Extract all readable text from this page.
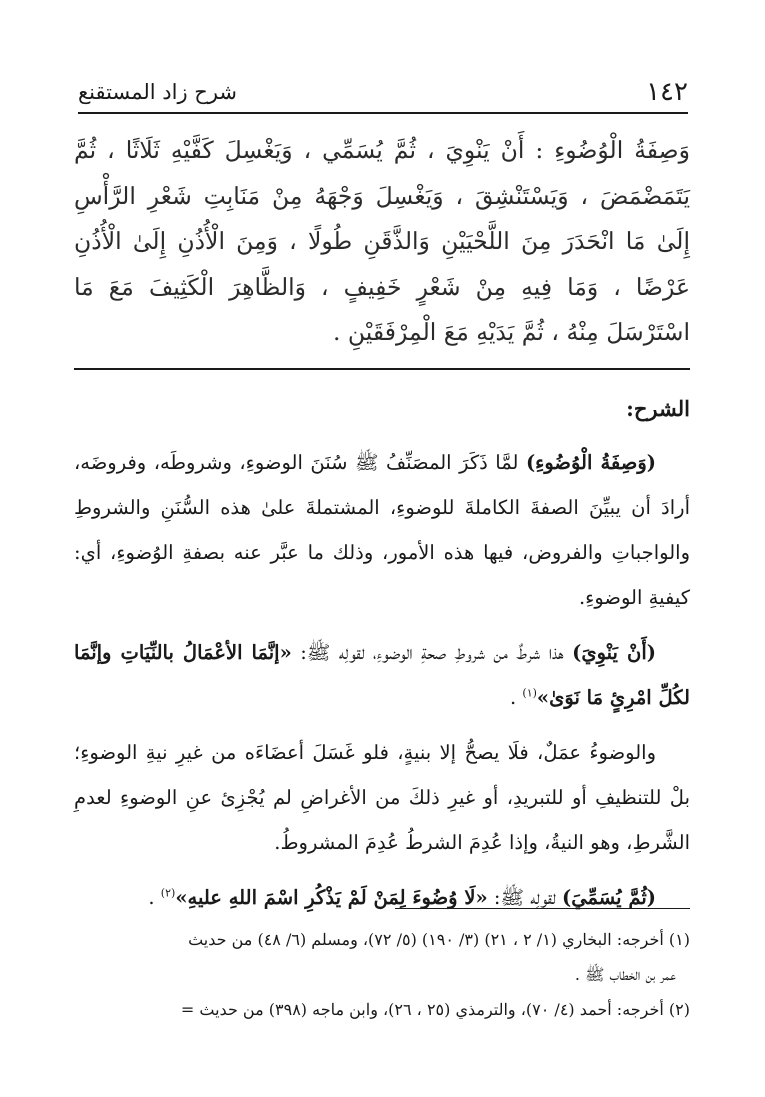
١٤٢
شرح زاد المستقنع
وَصِفَةُ الْوُضُوءِ : أَنْ يَنْوِيَ ، ثُمَّ يُسَمِّي ، وَيَغْسِلَ كَفَّيْهِ ثَلَاثًا ، ثُمَّ يَتَمَضْمَضَ ، وَيَسْتَنْشِقَ ، وَيَغْسِلَ وَجْهَهُ مِنْ مَنَابِتِ شَعْرِ الرَّأْسِ إِلَىٰ مَا انْحَدَرَ مِنَ اللَّحْيَيْنِ وَالذَّقَنِ طُولًا ، وَمِنَ الْأُذُنِ إِلَىٰ الْأُذُنِ عَرْضًا ، وَمَا فِيهِ مِنْ شَعْرٍ خَفِيفٍ ، وَالظَّاهِرَ الْكَثِيفَ مَعَ مَا اسْتَرْسَلَ مِنْهُ ، ثُمَّ يَدَيْهِ مَعَ الْمِرْفَقَيْنِ .
الشرح:

(وَصِفَةُ الْوُضُوءِ) لمَّا ذَكَرَ المصَنِّفُ ﷺ سُنَنَ الوضوءِ، وشروطَه، وفروضَه، أرادَ أن يبيِّنَ الصفةَ الكاملةَ للوضوءِ، المشتملةَ علىٰ هذه السُّنَنِ والشروطِ والواجباتِ والفروض، فيها هذه الأمور، وذلك ما عبَّر عنه بصفةِ الوُضوءِ، أي: كيفيةِ الوضوءِ.

(أَنْ يَنْوِيَ) هذا شرطٌ من شروطِ صحةِ الوضوءِ، لقولِه ﷺ: «إنَّمَا الأعْمَالُ بالنِّيَاتِ وإنَّمَا لكُلِّ امْرِئٍ مَا نَوَىٰ»$^{(١)}$ .

والوضوءُ عمَلٌ، فلَا يصحُّ إلا بنيةٍ، فلو غَسَلَ أعضَاءَه من غيرِ نيةِ الوضوءِ؛ بلْ للتنظيفِ أو للتبريدِ، أو غيرِ ذلكَ من الأغراضِ لم يُجْزِئ عنِ الوضوءِ لعدمِ الشَّرطِ، وهو النيةُ، وإذا عُدِمَ الشرطُ عُدِمَ المشروطُ.

(ثُمَّ يُسَمِّيَ) لقولِه ﷺ: «لَا وُضُوءَ لِمَنْ لَمْ يَذْكُرِ اسْمَ اللهِ عليهِ»$^{(٢)}$ .

(١) أخرجه: البخاري (١/ ٢ ، ٢١) (٣/ ١٩٠) (٥/ ٧٢)، ومسلم (٦/ ٤٨) من حديث

عمر بن الخطاب ﷺ .

(٢) أخرجه: أحمد (٤/ ٧٠)، والترمذي (٢٥ ، ٢٦)، وابن ماجه (٣٩٨) من حديث =
